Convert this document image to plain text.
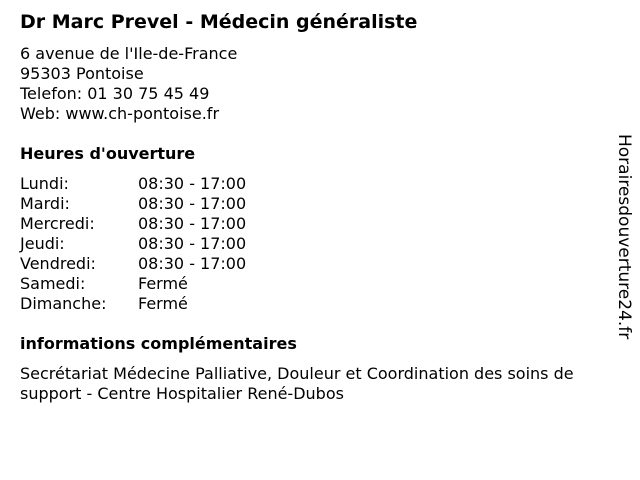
Dr Marc Prevel - Médecin généraliste
6 avenue de l'Ile-de-France
95303 Pontoise
Telefon: 01 30 75 45 49
Web: www.ch-pontoise.fr
Heures d'ouverture
Lundi:	08:30 - 17:00
Mardi:	08:30 - 17:00
Mercredi:	08:30 - 17:00
Jeudi:	08:30 - 17:00
Vendredi:	08:30 - 17:00
Samedi:	Fermé
Dimanche: Fermé
informations complémentaires
Secrétariat Médecine Palliative, Douleur et Coordination des soins de support - Centre Hospitalier René-Dubos
Horairesdouverture24.fr
